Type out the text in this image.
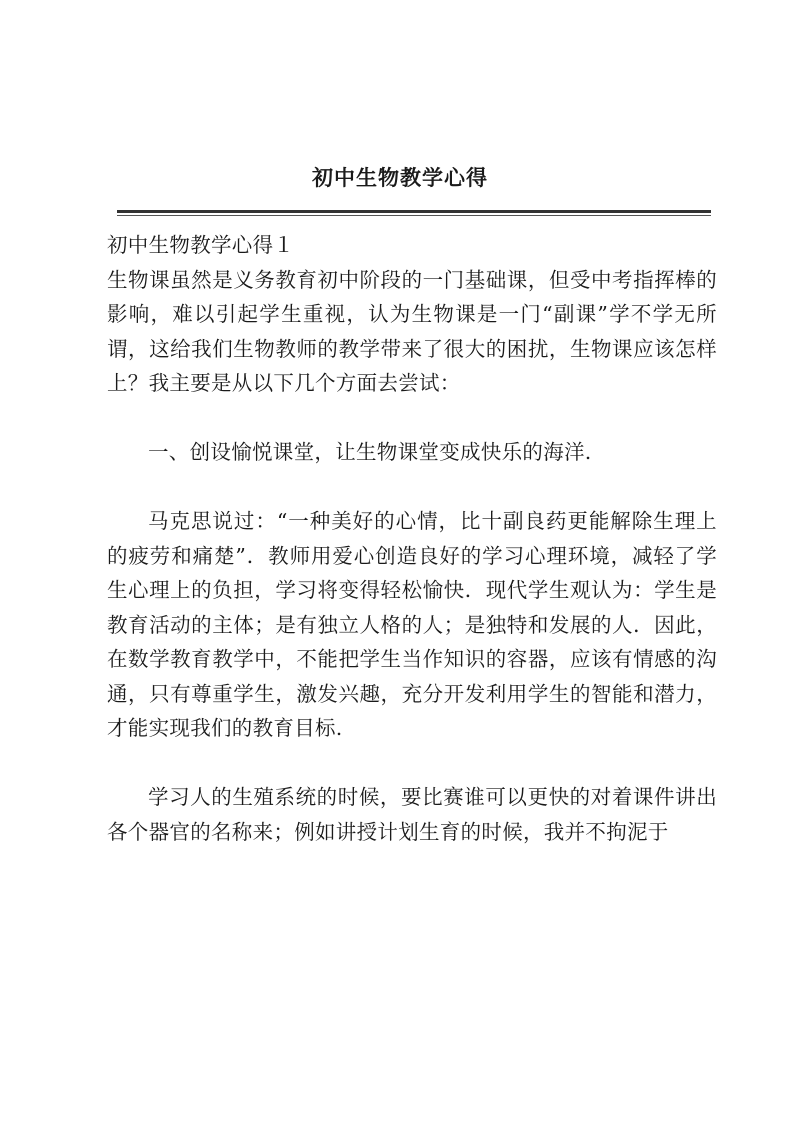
初中生物教学心得

初中生物教学心得１

生物课虽然是义务教育初中阶段的一门基础课，但受中考指挥棒的影响，难以引起学生重视，认为生物课是一门“副课”学不学无所谓，这给我们生物教师的教学带来了很大的困扰，生物课应该怎样上？我主要是从以下几个方面去尝试：

一、创设愉悦课堂，让生物课堂变成快乐的海洋.

马克思说过：“一种美好的心情，比十副良药更能解除生理上的疲劳和痛楚”．教师用爱心创造良好的学习心理环境，减轻了学生心理上的负担，学习将变得轻松愉快．现代学生观认为：学生是教育活动的主体；是有独立人格的人；是独特和发展的人．因此，在数学教育教学中，不能把学生当作知识的容器，应该有情感的沟通，只有尊重学生，激发兴趣，充分开发利用学生的智能和潜力，才能实现我们的教育目标.

学习人的生殖系统的时候，要比赛谁可以更快的对着课件讲出各个器官的名称来；例如讲授计划生育的时候，我并不拘泥于
